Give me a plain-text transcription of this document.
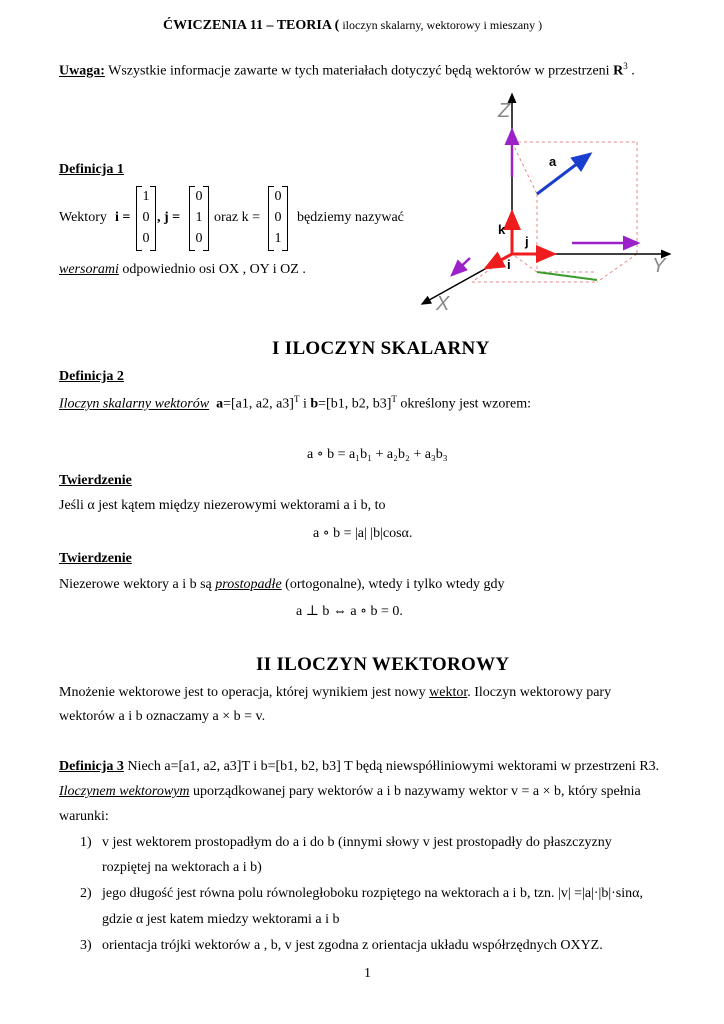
ĆWICZENIA 11 – TEORIA ( iloczyn skalarny, wektorowy i mieszany )
Uwaga: Wszystkie informacje zawarte w tych materiałach dotyczyć będą wektorów w przestrzeni $R^3$ .
Definicja 1
Wektory i =
1
0
0
, j =
0
1
0
oraz k =
0
0
1
będziemy nazywać
wersorami odpowiednio osi OX , OY i OZ .
Z
Y
X
a
k
j
i
I ILOCZYN SKALARNY
Definicja 2
Iloczyn skalarny wektorów a=[a1, a2, a3]$^T$ i b=[b1, b2, b3]$^T$ określony jest wzorem:
a ∘ b = a₁b₁ + a₂b₂ + a₃b₃
Twierdzenie
Jeśli α jest kątem między niezerowymi wektorami a i b, to
a ∘ b = |a| |b|cosα.
Twierdzenie
Niezerowe wektory a i b są prostopadłe (ortogonalne), wtedy i tylko wtedy gdy
a ⊥ b ⇔ a ∘ b = 0.
II ILOCZYN WEKTOROWY
Mnożenie wektorowe jest to operacja, której wynikiem jest nowy wektor. Iloczyn wektorowy pary
wektorów a i b oznaczamy a × b = v.
Definicja 3 Niech a=[a1, a2, a3]T i b=[b1, b2, b3] T będą niewspółliniowymi wektorami w przestrzeni R3.
Iloczynem wektorowym uporządkowanej pary wektorów a i b nazywamy wektor v = a × b, który spełnia
warunki:
1) v jest wektorem prostopadłym do a i do b (innymi słowy v jest prostopadły do płaszczyzny
rozpiętej na wektorach a i b)
2) jego długość jest równa polu równoległoboku rozpiętego na wektorach a i b, tzn. |v| =|a|·|b|·sinα,
gdzie α jest katem miedzy wektorami a i b
3) orientacja trójki wektorów a , b, v jest zgodna z orientacja układu współrzędnych OXYZ.
1
